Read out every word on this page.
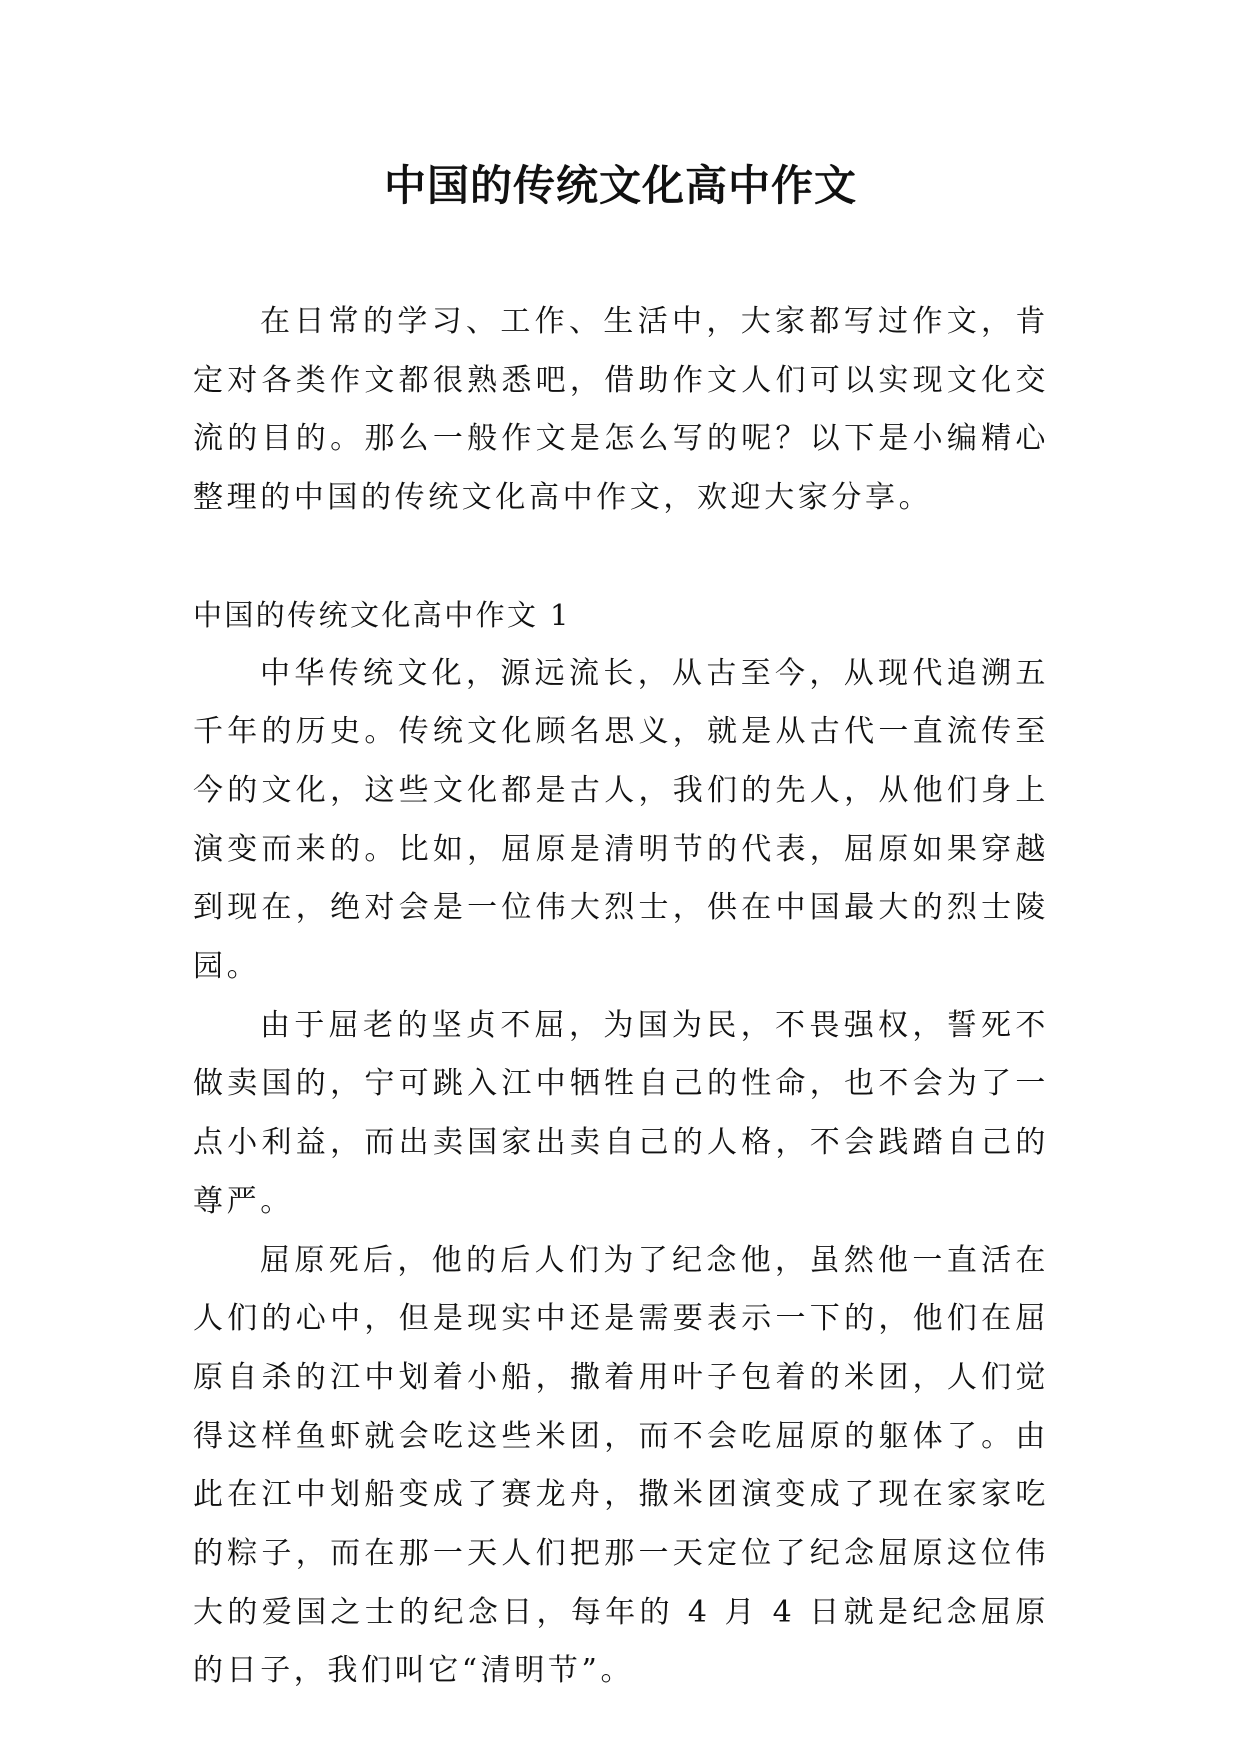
中国的传统文化高中作文

在日常的学习、工作、生活中，大家都写过作文，肯定对各类作文都很熟悉吧，借助作文人们可以实现文化交流的目的。那么一般作文是怎么写的呢？以下是小编精心整理的中国的传统文化高中作文，欢迎大家分享。

中国的传统文化高中作文 1

中华传统文化，源远流长，从古至今，从现代追溯五千年的历史。传统文化顾名思义，就是从古代一直流传至今的文化，这些文化都是古人，我们的先人，从他们身上演变而来的。比如，屈原是清明节的代表，屈原如果穿越到现在，绝对会是一位伟大烈士，供在中国最大的烈士陵园。

由于屈老的坚贞不屈，为国为民，不畏强权，誓死不做卖国的，宁可跳入江中牺牲自己的性命，也不会为了一点小利益，而出卖国家出卖自己的人格，不会践踏自己的尊严。

屈原死后，他的后人们为了纪念他，虽然他一直活在人们的心中，但是现实中还是需要表示一下的，他们在屈原自杀的江中划着小船，撒着用叶子包着的米团，人们觉得这样鱼虾就会吃这些米团，而不会吃屈原的躯体了。由此在江中划船变成了赛龙舟，撒米团演变成了现在家家吃的粽子，而在那一天人们把那一天定位了纪念屈原这位伟大的爱国之士的纪念日，每年的 4 月 4 日就是纪念屈原的日子，我们叫它“清明节”。
